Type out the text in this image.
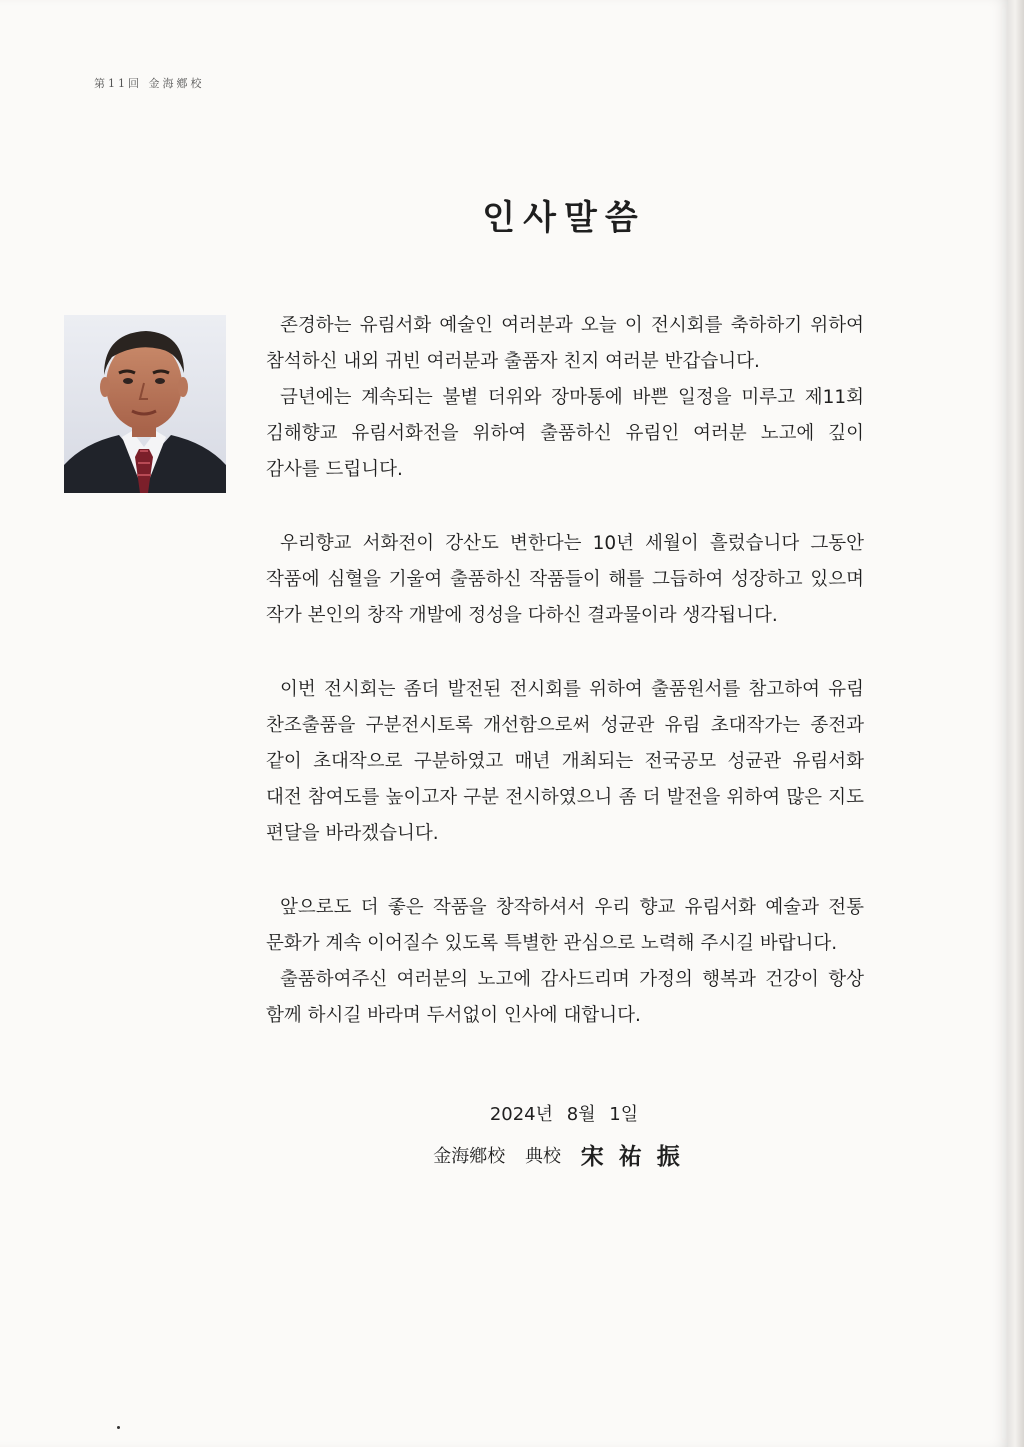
第11回 金海鄕校
인사말씀

존경하는 유림서화 예술인 여러분과 오늘 이 전시회를 축하하기 위하여 참석하신 내외 귀빈 여러분과 출품자 친지 여러분 반갑습니다.

금년에는 계속되는 불볕 더위와 장마통에 바쁜 일정을 미루고 제11회 김해향교 유림서화전을 위하여 출품하신 유림인 여러분 노고에 깊이 감사를 드립니다.

우리향교 서화전이 강산도 변한다는 10년 세월이 흘렀습니다 그동안 작품에 심혈을 기울여 출품하신 작품들이 해를 그듭하여 성장하고 있으며 작가 본인의 창작 개발에 정성을 다하신 결과물이라 생각됩니다.

이번 전시회는 좀더 발전된 전시회를 위하여 출품원서를 참고하여 유림 찬조출품을 구분전시토록 개선함으로써 성균관 유림 초대작가는 종전과 같이 초대작으로 구분하였고 매년 개최되는 전국공모 성균관 유림서화 대전 참여도를 높이고자 구분 전시하였으니 좀 더 발전을 위하여 많은 지도 편달을 바라겠습니다.

앞으로도 더 좋은 작품을 창작하셔서 우리 향교 유림서화 예술과 전통 문화가 계속 이어질수 있도록 특별한 관심으로 노력해 주시길 바랍니다.

출품하여주신 여러분의 노고에 감사드리며 가정의 행복과 건강이 항상 함께 하시길 바라며 두서없이 인사에 대합니다.

2024년 8월 1일
金海鄕校 典校 宋祐振
